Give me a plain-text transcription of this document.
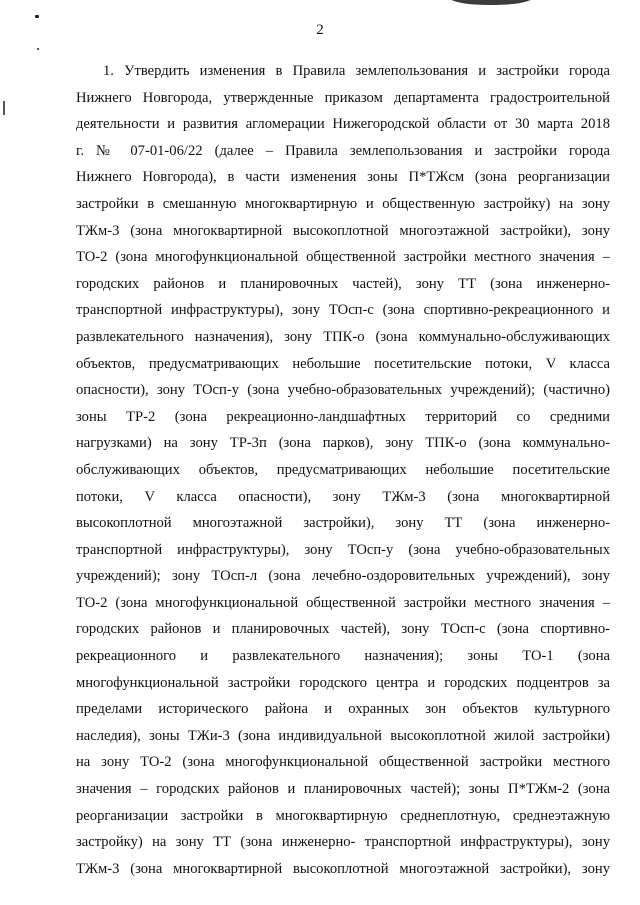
2
1. Утвердить изменения в Правила землепользования и застройки города
Нижнего Новгорода, утвержденные приказом департамента градостроительной
деятельности и развития агломерации Нижегородской области от 30 марта 2018
г. № 07-01-06/22 (далее – Правила землепользования и застройки города
Нижнего Новгорода), в части изменения зоны П*ТЖсм (зона реорганизации
застройки в смешанную многоквартирную и общественную застройку) на зону
ТЖм-3 (зона многоквартирной высокоплотной многоэтажной застройки), зону
ТО-2 (зона многофункциональной общественной застройки местного значения –
городских районов и планировочных частей), зону ТТ (зона инженерно-
транспортной инфраструктуры), зону ТОсп-с (зона спортивно-рекреационного и
развлекательного назначения), зону ТПК-о (зона коммунально-обслуживающих
объектов, предусматривающих небольшие посетительские потоки, V класса
опасности), зону ТОсп-у (зона учебно-образовательных учреждений); (частично)
зоны ТР-2 (зона рекреационно-ландшафтных территорий со средними
нагрузками) на зону ТР-3п (зона парков), зону ТПК-о (зона коммунально-
обслуживающих объектов, предусматривающих небольшие посетительские
потоки, V класса опасности), зону ТЖм-3 (зона многоквартирной
высокоплотной многоэтажной застройки), зону ТТ (зона инженерно-
транспортной инфраструктуры), зону ТОсп-у (зона учебно-образовательных
учреждений); зону ТОсп-л (зона лечебно-оздоровительных учреждений), зону
ТО-2 (зона многофункциональной общественной застройки местного значения –
городских районов и планировочных частей), зону ТОсп-с (зона спортивно-
рекреационного и развлекательного назначения); зоны ТО-1 (зона
многофункциональной застройки городского центра и городских подцентров за
пределами исторического района и охранных зон объектов культурного
наследия), зоны ТЖи-3 (зона индивидуальной высокоплотной жилой застройки)
на зону ТО-2 (зона многофункциональной общественной застройки местного
значения – городских районов и планировочных частей); зоны П*ТЖм-2 (зона
реорганизации застройки в многоквартирную среднеплотную, среднеэтажную
застройку) на зону ТТ (зона инженерно- транспортной инфраструктуры), зону
ТЖм-3 (зона многоквартирной высокоплотной многоэтажной застройки), зону
